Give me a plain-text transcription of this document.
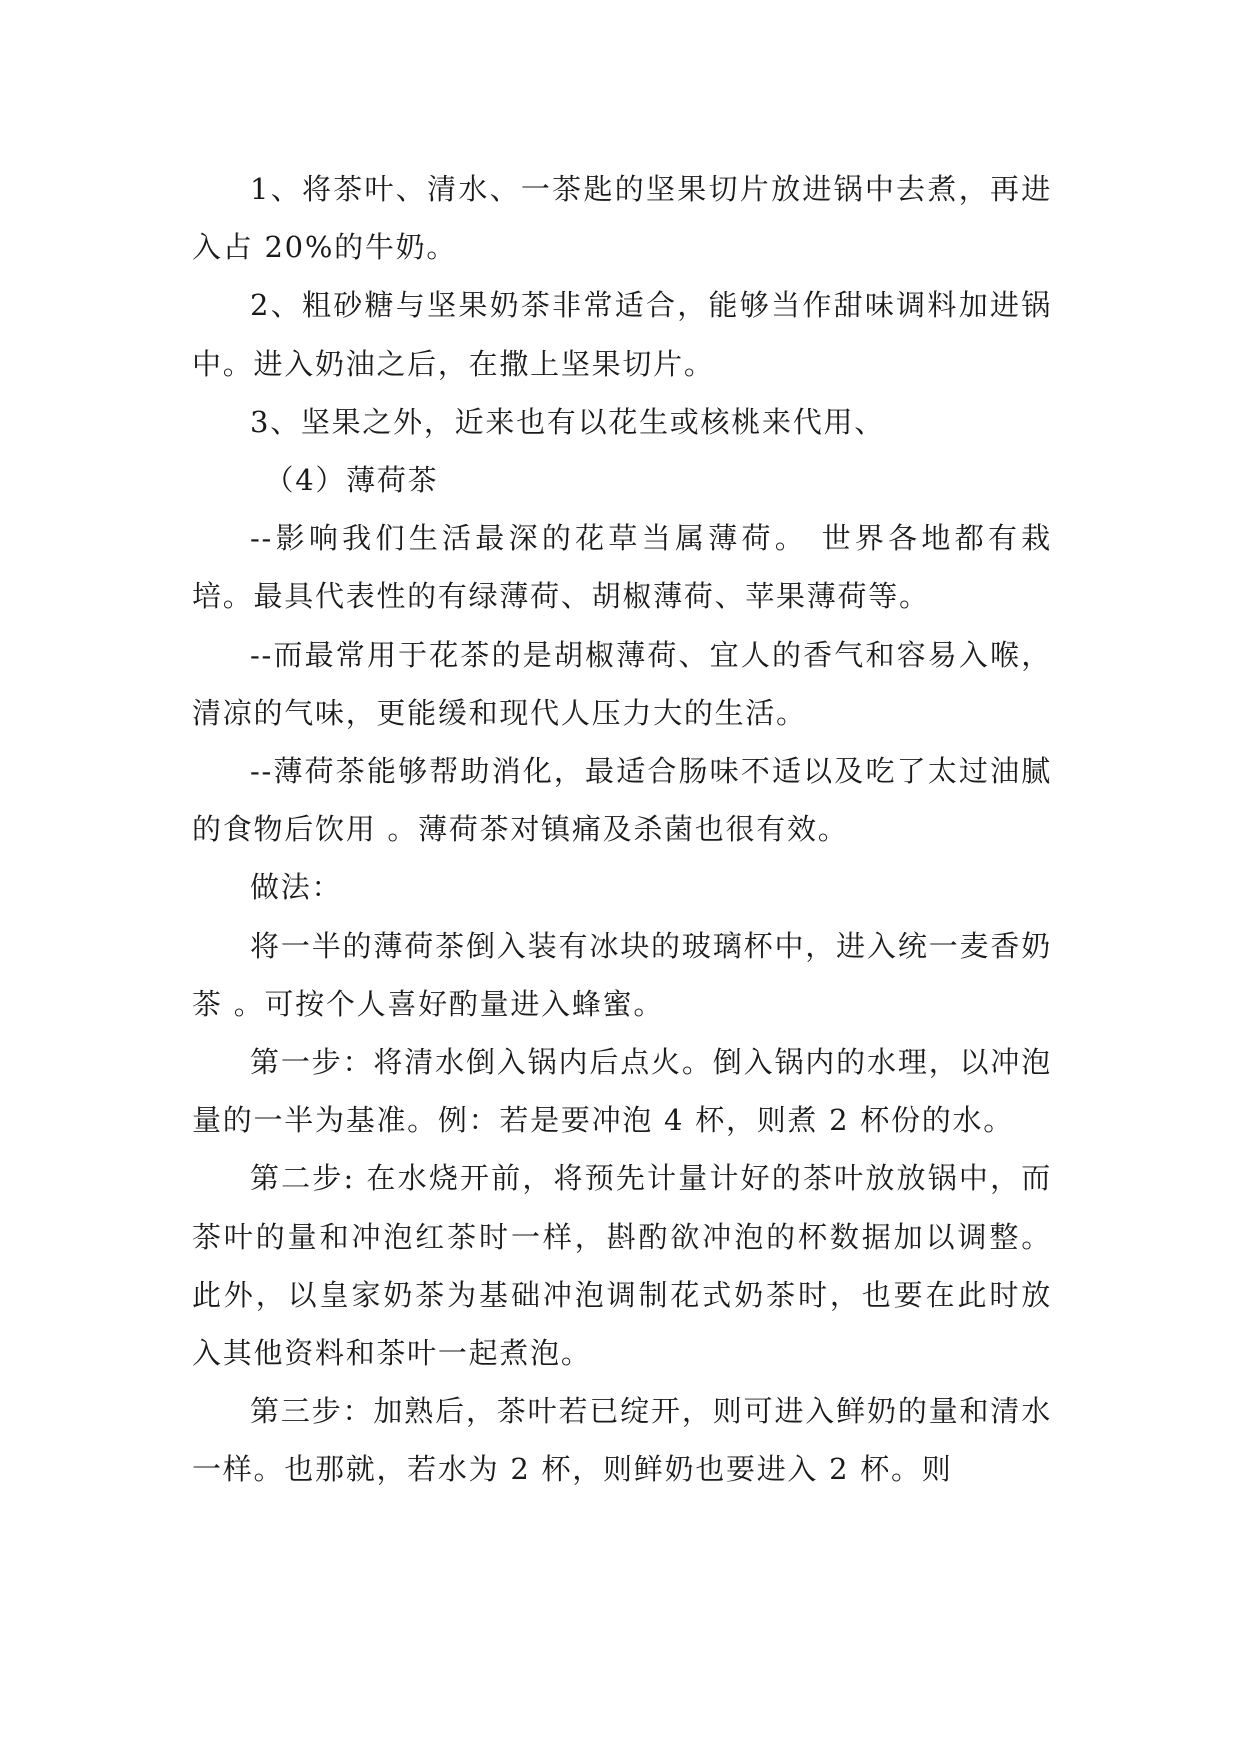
1、将茶叶、清水、一茶匙的坚果切片放进锅中去煮，再进入占 20%的牛奶。

2、粗砂糖与坚果奶茶非常适合，能够当作甜味调料加进锅中。进入奶油之后，在撒上坚果切片。

3、坚果之外，近来也有以花生或核桃来代用、

（4）薄荷茶

--影响我们生活最深的花草当属薄荷。 世界各地都有栽培。最具代表性的有绿薄荷、胡椒薄荷、苹果薄荷等。

--而最常用于花茶的是胡椒薄荷、宜人的香气和容易入喉，清凉的气味，更能缓和现代人压力大的生活。

--薄荷茶能够帮助消化，最适合肠味不适以及吃了太过油腻的食物后饮用 。薄荷茶对镇痛及杀菌也很有效。

做法：

将一半的薄荷茶倒入装有冰块的玻璃杯中，进入统一麦香奶茶 。可按个人喜好酌量进入蜂蜜。

第一步：将清水倒入锅内后点火。倒入锅内的水理，以冲泡量的一半为基准。例：若是要冲泡 4 杯，则煮 2 杯份的水。

第二步: 在水烧开前，将预先计量计好的茶叶放放锅中，而茶叶的量和冲泡红茶时一样，斟酌欲冲泡的杯数据加以调整。 此外，以皇家奶茶为基础冲泡调制花式奶茶时，也要在此时放入其他资料和茶叶一起煮泡。

第三步：加熟后，茶叶若已绽开，则可进入鲜奶的量和清水一样。也那就，若水为 2 杯，则鲜奶也要进入 2 杯。则
